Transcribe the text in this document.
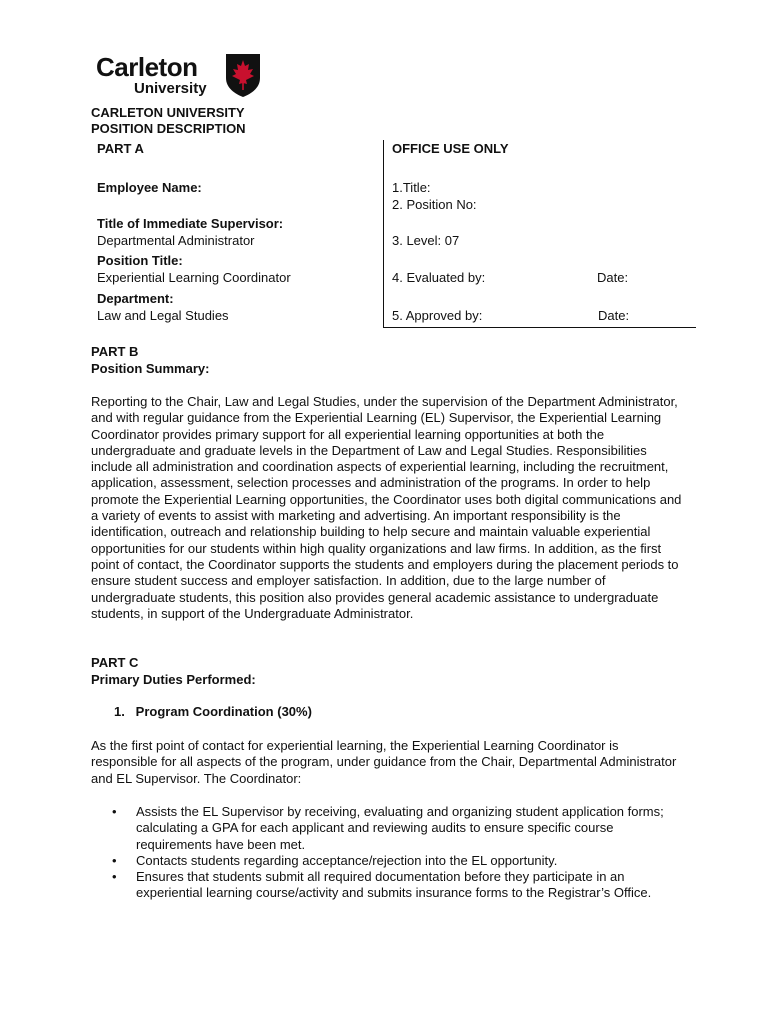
Carleton
University
CARLETON UNIVERSITY
POSITION DESCRIPTION
PART A
Employee Name:
Title of Immediate Supervisor:
Departmental Administrator
Position Title:
Experiential Learning Coordinator
Department:
Law and Legal Studies
OFFICE USE ONLY
1.Title:
2. Position No:
3. Level: 07
4. Evaluated by:	Date:
5. Approved by:	Date:
PART B
Position Summary:
Reporting to the Chair, Law and Legal Studies, under the supervision of the Department Administrator, and with regular guidance from the Experiential Learning (EL) Supervisor, the Experiential Learning Coordinator provides primary support for all experiential learning opportunities at both the undergraduate and graduate levels in the Department of Law and Legal Studies. Responsibilities include all administration and coordination aspects of experiential learning, including the recruitment, application, assessment, selection processes and administration of the programs. In order to help promote the Experiential Learning opportunities, the Coordinator uses both digital communications and a variety of events to assist with marketing and advertising. An important responsibility is the identification, outreach and relationship building to help secure and maintain valuable experiential opportunities for our students within high quality organizations and law firms. In addition, as the first point of contact, the Coordinator supports the students and employers during the placement periods to ensure student success and employer satisfaction. In addition, due to the large number of undergraduate students, this position also provides general academic assistance to undergraduate students, in support of the Undergraduate Administrator.
PART C
Primary Duties Performed:
1.   Program Coordination (30%)
As the first point of contact for experiential learning, the Experiential Learning Coordinator is responsible for all aspects of the program, under guidance from the Chair, Departmental Administrator and EL Supervisor. The Coordinator:
• Assists the EL Supervisor by receiving, evaluating and organizing student application forms; calculating a GPA for each applicant and reviewing audits to ensure specific course requirements have been met.
• Contacts students regarding acceptance/rejection into the EL opportunity.
• Ensures that students submit all required documentation before they participate in an experiential learning course/activity and submits insurance forms to the Registrar’s Office.
